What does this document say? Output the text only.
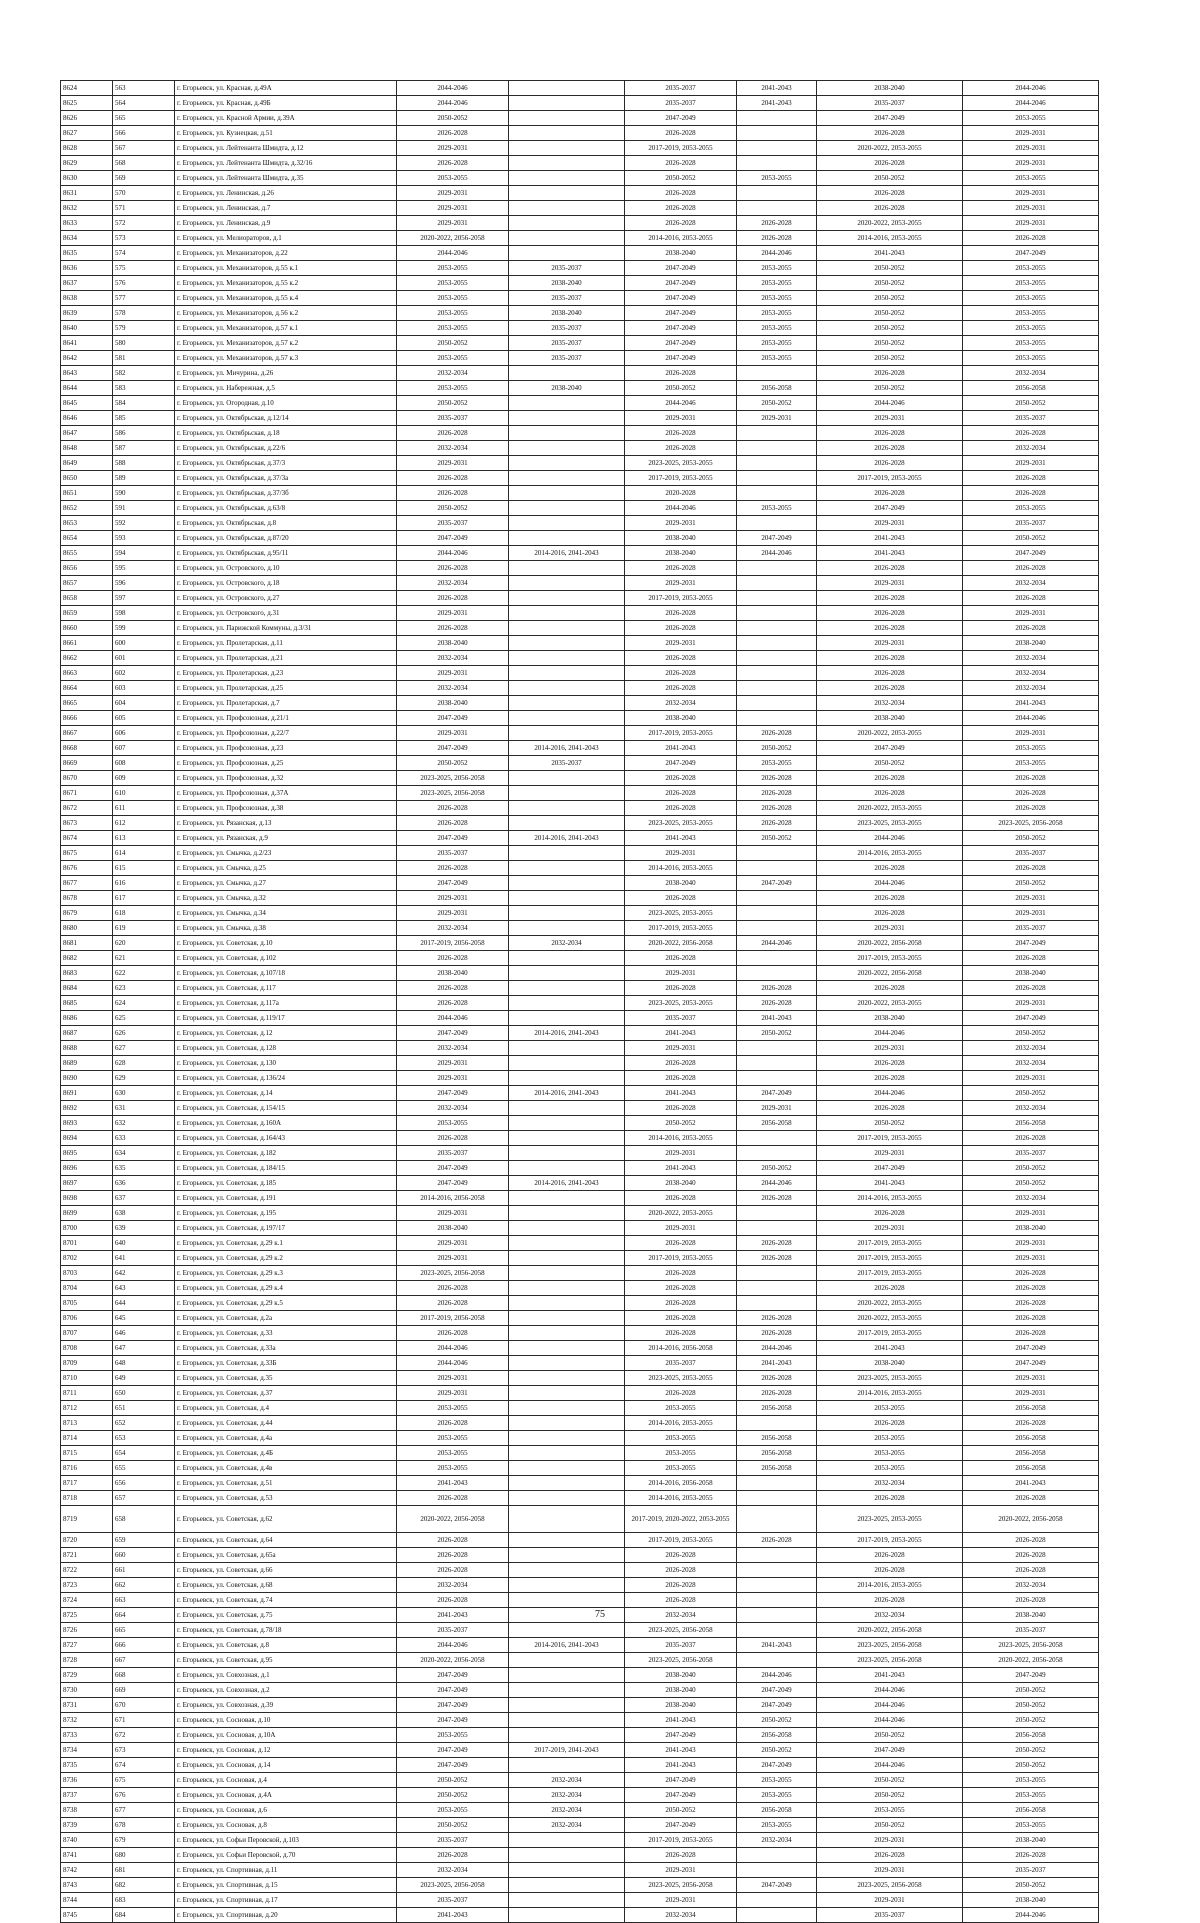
8624	563	г. Егорьевск, ул. Красная, д.49А	2044-2046		2035-2037	2041-2043	2038-2040	2044-2046
8625	564	г. Егорьевск, ул. Красная, д.49Б	2044-2046		2035-2037	2041-2043	2035-2037	2044-2046
8626	565	г. Егорьевск, ул. Красной Армии, д.39А	2050-2052		2047-2049		2047-2049	2053-2055
8627	566	г. Егорьевск, ул. Кузнецкая, д.51	2026-2028		2026-2028		2026-2028	2029-2031
8628	567	г. Егорьевск, ул. Лейтенанта Шмидта, д.12	2029-2031		2017-2019, 2053-2055		2020-2022, 2053-2055	2029-2031
8629	568	г. Егорьевск, ул. Лейтенанта Шмидта, д.32/16	2026-2028		2026-2028		2026-2028	2029-2031
8630	569	г. Егорьевск, ул. Лейтенанта Шмидта, д.35	2053-2055		2050-2052	2053-2055	2050-2052	2053-2055
8631	570	г. Егорьевск, ул. Ленинская, д.26	2029-2031		2026-2028		2026-2028	2029-2031
8632	571	г. Егорьевск, ул. Ленинская, д.7	2029-2031		2026-2028		2026-2028	2029-2031
8633	572	г. Егорьевск, ул. Ленинская, д.9	2029-2031		2026-2028	2026-2028	2020-2022, 2053-2055	2029-2031
8634	573	г. Егорьевск, ул. Мелиораторов, д.1	2020-2022, 2056-2058		2014-2016, 2053-2055	2026-2028	2014-2016, 2053-2055	2026-2028
8635	574	г. Егорьевск, ул. Механизаторов, д.22	2044-2046		2038-2040	2044-2046	2041-2043	2047-2049
8636	575	г. Егорьевск, ул. Механизаторов, д.55 к.1	2053-2055	2035-2037	2047-2049	2053-2055	2050-2052	2053-2055
8637	576	г. Егорьевск, ул. Механизаторов, д.55 к.2	2053-2055	2038-2040	2047-2049	2053-2055	2050-2052	2053-2055
8638	577	г. Егорьевск, ул. Механизаторов, д.55 к.4	2053-2055	2035-2037	2047-2049	2053-2055	2050-2052	2053-2055
8639	578	г. Егорьевск, ул. Механизаторов, д.56 к.2	2053-2055	2038-2040	2047-2049	2053-2055	2050-2052	2053-2055
8640	579	г. Егорьевск, ул. Механизаторов, д.57 к.1	2053-2055	2035-2037	2047-2049	2053-2055	2050-2052	2053-2055
8641	580	г. Егорьевск, ул. Механизаторов, д.57 к.2	2050-2052	2035-2037	2047-2049	2053-2055	2050-2052	2053-2055
8642	581	г. Егорьевск, ул. Механизаторов, д.57 к.3	2053-2055	2035-2037	2047-2049	2053-2055	2050-2052	2053-2055
8643	582	г. Егорьевск, ул. Мичурина, д.26	2032-2034		2026-2028		2026-2028	2032-2034
8644	583	г. Егорьевск, ул. Набережная, д.5	2053-2055	2038-2040	2050-2052	2056-2058	2050-2052	2056-2058
8645	584	г. Егорьевск, ул. Огородная, д.10	2050-2052		2044-2046	2050-2052	2044-2046	2050-2052
8646	585	г. Егорьевск, ул. Октябрьская, д.12/14	2035-2037		2029-2031	2029-2031	2029-2031	2035-2037
8647	586	г. Егорьевск, ул. Октябрьская, д.18	2026-2028		2026-2028		2026-2028	2026-2028
8648	587	г. Егорьевск, ул. Октябрьская, д.22/6	2032-2034		2026-2028		2026-2028	2032-2034
8649	588	г. Егорьевск, ул. Октябрьская, д.37/3	2029-2031		2023-2025, 2053-2055		2026-2028	2029-2031
8650	589	г. Егорьевск, ул. Октябрьская, д.37/3а	2026-2028		2017-2019, 2053-2055		2017-2019, 2053-2055	2026-2028
8651	590	г. Егорьевск, ул. Октябрьская, д.37/3б	2026-2028		2020-2028		2026-2028	2026-2028
8652	591	г. Егорьевск, ул. Октябрьская, д.63/8	2050-2052		2044-2046	2053-2055	2047-2049	2053-2055
8653	592	г. Егорьевск, ул. Октябрьская, д.8	2035-2037		2029-2031		2029-2031	2035-2037
8654	593	г. Егорьевск, ул. Октябрьская, д.87/20	2047-2049		2038-2040	2047-2049	2041-2043	2050-2052
8655	594	г. Егорьевск, ул. Октябрьская, д.95/11	2044-2046	2014-2016, 2041-2043	2038-2040	2044-2046	2041-2043	2047-2049
8656	595	г. Егорьевск, ул. Островского, д.10	2026-2028		2026-2028		2026-2028	2026-2028
8657	596	г. Егорьевск, ул. Островского, д.18	2032-2034		2029-2031		2029-2031	2032-2034
8658	597	г. Егорьевск, ул. Островского, д.27	2026-2028		2017-2019, 2053-2055		2026-2028	2026-2028
8659	598	г. Егорьевск, ул. Островского, д.31	2029-2031		2026-2028		2026-2028	2029-2031
8660	599	г. Егорьевск, ул. Парижской Коммуны, д.3/31	2026-2028		2026-2028		2026-2028	2026-2028
8661	600	г. Егорьевск, ул. Пролетарская, д.11	2038-2040		2029-2031		2029-2031	2038-2040
8662	601	г. Егорьевск, ул. Пролетарская, д.21	2032-2034		2026-2028		2026-2028	2032-2034
8663	602	г. Егорьевск, ул. Пролетарская, д.23	2029-2031		2026-2028		2026-2028	2032-2034
8664	603	г. Егорьевск, ул. Пролетарская, д.25	2032-2034		2026-2028		2026-2028	2032-2034
8665	604	г. Егорьевск, ул. Пролетарская, д.7	2038-2040		2032-2034		2032-2034	2041-2043
8666	605	г. Егорьевск, ул. Профсоюзная, д.21/1	2047-2049		2038-2040		2038-2040	2044-2046
8667	606	г. Егорьевск, ул. Профсоюзная, д.22/7	2029-2031		2017-2019, 2053-2055	2026-2028	2020-2022, 2053-2055	2029-2031
8668	607	г. Егорьевск, ул. Профсоюзная, д.23	2047-2049	2014-2016, 2041-2043	2041-2043	2050-2052	2047-2049	2053-2055
8669	608	г. Егорьевск, ул. Профсоюзная, д.25	2050-2052	2035-2037	2047-2049	2053-2055	2050-2052	2053-2055
8670	609	г. Егорьевск, ул. Профсоюзная, д.32	2023-2025, 2056-2058		2026-2028	2026-2028	2026-2028	2026-2028
8671	610	г. Егорьевск, ул. Профсоюзная, д.37А	2023-2025, 2056-2058		2026-2028	2026-2028	2026-2028	2026-2028
8672	611	г. Егорьевск, ул. Профсоюзная, д.38	2026-2028		2026-2028	2026-2028	2020-2022, 2053-2055	2026-2028
8673	612	г. Егорьевск, ул. Рязанская, д.13	2026-2028		2023-2025, 2053-2055	2026-2028	2023-2025, 2053-2055	2023-2025, 2056-2058
8674	613	г. Егорьевск, ул. Рязанская, д.9	2047-2049	2014-2016, 2041-2043	2041-2043	2050-2052	2044-2046	2050-2052
8675	614	г. Егорьевск, ул. Смычка, д.2/23	2035-2037		2029-2031		2014-2016, 2053-2055	2035-2037
8676	615	г. Егорьевск, ул. Смычка, д.25	2026-2028		2014-2016, 2053-2055		2026-2028	2026-2028
8677	616	г. Егорьевск, ул. Смычка, д.27	2047-2049		2038-2040	2047-2049	2044-2046	2050-2052
8678	617	г. Егорьевск, ул. Смычка, д.32	2029-2031		2026-2028		2026-2028	2029-2031
8679	618	г. Егорьевск, ул. Смычка, д.34	2029-2031		2023-2025, 2053-2055		2026-2028	2029-2031
8680	619	г. Егорьевск, ул. Смычка, д.38	2032-2034		2017-2019, 2053-2055		2029-2031	2035-2037
8681	620	г. Егорьевск, ул. Советская, д.10	2017-2019, 2056-2058	2032-2034	2020-2022, 2056-2058	2044-2046	2020-2022, 2056-2058	2047-2049
8682	621	г. Егорьевск, ул. Советская, д.102	2026-2028		2026-2028		2017-2019, 2053-2055	2026-2028
8683	622	г. Егорьевск, ул. Советская, д.107/18	2038-2040		2029-2031		2020-2022, 2056-2058	2038-2040
8684	623	г. Егорьевск, ул. Советская, д.117	2026-2028		2026-2028	2026-2028	2026-2028	2026-2028
8685	624	г. Егорьевск, ул. Советская, д.117а	2026-2028		2023-2025, 2053-2055	2026-2028	2020-2022, 2053-2055	2029-2031
8686	625	г. Егорьевск, ул. Советская, д.119/17	2044-2046		2035-2037	2041-2043	2038-2040	2047-2049
8687	626	г. Егорьевск, ул. Советская, д.12	2047-2049	2014-2016, 2041-2043	2041-2043	2050-2052	2044-2046	2050-2052
8688	627	г. Егорьевск, ул. Советская, д.128	2032-2034		2029-2031		2029-2031	2032-2034
8689	628	г. Егорьевск, ул. Советская, д.130	2029-2031		2026-2028		2026-2028	2032-2034
8690	629	г. Егорьевск, ул. Советская, д.136/24	2029-2031		2026-2028		2026-2028	2029-2031
8691	630	г. Егорьевск, ул. Советская, д.14	2047-2049	2014-2016, 2041-2043	2041-2043	2047-2049	2044-2046	2050-2052
8692	631	г. Егорьевск, ул. Советская, д.154/15	2032-2034		2026-2028	2029-2031	2026-2028	2032-2034
8693	632	г. Егорьевск, ул. Советская, д.160А	2053-2055		2050-2052	2056-2058	2050-2052	2056-2058
8694	633	г. Егорьевск, ул. Советская, д.164/43	2026-2028		2014-2016, 2053-2055		2017-2019, 2053-2055	2026-2028
8695	634	г. Егорьевск, ул. Советская, д.182	2035-2037		2029-2031		2029-2031	2035-2037
8696	635	г. Егорьевск, ул. Советская, д.184/15	2047-2049		2041-2043	2050-2052	2047-2049	2050-2052
8697	636	г. Егорьевск, ул. Советская, д.185	2047-2049	2014-2016, 2041-2043	2038-2040	2044-2046	2041-2043	2050-2052
8698	637	г. Егорьевск, ул. Советская, д.191	2014-2016, 2056-2058		2026-2028	2026-2028	2014-2016, 2053-2055	2032-2034
8699	638	г. Егорьевск, ул. Советская, д.195	2029-2031		2020-2022, 2053-2055		2026-2028	2029-2031
8700	639	г. Егорьевск, ул. Советская, д.197/17	2038-2040		2029-2031		2029-2031	2038-2040
8701	640	г. Егорьевск, ул. Советская, д.29 к.1	2029-2031		2026-2028	2026-2028	2017-2019, 2053-2055	2029-2031
8702	641	г. Егорьевск, ул. Советская, д.29 к.2	2029-2031		2017-2019, 2053-2055	2026-2028	2017-2019, 2053-2055	2029-2031
8703	642	г. Егорьевск, ул. Советская, д.29 к.3	2023-2025, 2056-2058		2026-2028		2017-2019, 2053-2055	2026-2028
8704	643	г. Егорьевск, ул. Советская, д.29 к.4	2026-2028		2026-2028		2026-2028	2026-2028
8705	644	г. Егорьевск, ул. Советская, д.29 к.5	2026-2028		2026-2028		2020-2022, 2053-2055	2026-2028
8706	645	г. Егорьевск, ул. Советская, д.2а	2017-2019, 2056-2058		2026-2028	2026-2028	2020-2022, 2053-2055	2026-2028
8707	646	г. Егорьевск, ул. Советская, д.33	2026-2028		2026-2028	2026-2028	2017-2019, 2053-2055	2026-2028
8708	647	г. Егорьевск, ул. Советская, д.33а	2044-2046		2014-2016, 2056-2058	2044-2046	2041-2043	2047-2049
8709	648	г. Егорьевск, ул. Советская, д.33Б	2044-2046		2035-2037	2041-2043	2038-2040	2047-2049
8710	649	г. Егорьевск, ул. Советская, д.35	2029-2031		2023-2025, 2053-2055	2026-2028	2023-2025, 2053-2055	2029-2031
8711	650	г. Егорьевск, ул. Советская, д.37	2029-2031		2026-2028	2026-2028	2014-2016, 2053-2055	2029-2031
8712	651	г. Егорьевск, ул. Советская, д.4	2053-2055		2053-2055	2056-2058	2053-2055	2056-2058
8713	652	г. Егорьевск, ул. Советская, д.44	2026-2028		2014-2016, 2053-2055		2026-2028	2026-2028
8714	653	г. Егорьевск, ул. Советская, д.4а	2053-2055		2053-2055	2056-2058	2053-2055	2056-2058
8715	654	г. Егорьевск, ул. Советская, д.4Б	2053-2055		2053-2055	2056-2058	2053-2055	2056-2058
8716	655	г. Егорьевск, ул. Советская, д.4в	2053-2055		2053-2055	2056-2058	2053-2055	2056-2058
8717	656	г. Егорьевск, ул. Советская, д.51	2041-2043		2014-2016, 2056-2058		2032-2034	2041-2043
8718	657	г. Егорьевск, ул. Советская, д.53	2026-2028		2014-2016, 2053-2055		2026-2028	2026-2028
8719	658	г. Егорьевск, ул. Советская, д.62	2020-2022, 2056-2058		2017-2019, 2020-2022, 2053-2055		2023-2025, 2053-2055	2020-2022, 2056-2058
8720	659	г. Егорьевск, ул. Советская, д.64	2026-2028		2017-2019, 2053-2055	2026-2028	2017-2019, 2053-2055	2026-2028
8721	660	г. Егорьевск, ул. Советская, д.65а	2026-2028		2026-2028		2026-2028	2026-2028
8722	661	г. Егорьевск, ул. Советская, д.66	2026-2028		2026-2028		2026-2028	2026-2028
8723	662	г. Егорьевск, ул. Советская, д.68	2032-2034		2026-2028		2014-2016, 2053-2055	2032-2034
8724	663	г. Егорьевск, ул. Советская, д.74	2026-2028		2026-2028		2026-2028	2026-2028
8725	664	г. Егорьевск, ул. Советская, д.75	2041-2043		2032-2034		2032-2034	2038-2040
8726	665	г. Егорьевск, ул. Советская, д.78/18	2035-2037		2023-2025, 2056-2058		2020-2022, 2056-2058	2035-2037
8727	666	г. Егорьевск, ул. Советская, д.8	2044-2046	2014-2016, 2041-2043	2035-2037	2041-2043	2023-2025, 2056-2058	2023-2025, 2056-2058
8728	667	г. Егорьевск, ул. Советская, д.95	2020-2022, 2056-2058		2023-2025, 2056-2058		2023-2025, 2056-2058	2020-2022, 2056-2058
8729	668	г. Егорьевск, ул. Совхозная, д.1	2047-2049		2038-2040	2044-2046	2041-2043	2047-2049
8730	669	г. Егорьевск, ул. Совхозная, д.2	2047-2049		2038-2040	2047-2049	2044-2046	2050-2052
8731	670	г. Егорьевск, ул. Совхозная, д.39	2047-2049		2038-2040	2047-2049	2044-2046	2050-2052
8732	671	г. Егорьевск, ул. Сосновая, д.10	2047-2049		2041-2043	2050-2052	2044-2046	2050-2052
8733	672	г. Егорьевск, ул. Сосновая, д.10А	2053-2055		2047-2049	2056-2058	2050-2052	2056-2058
8734	673	г. Егорьевск, ул. Сосновая, д.12	2047-2049	2017-2019, 2041-2043	2041-2043	2050-2052	2047-2049	2050-2052
8735	674	г. Егорьевск, ул. Сосновая, д.14	2047-2049		2041-2043	2047-2049	2044-2046	2050-2052
8736	675	г. Егорьевск, ул. Сосновая, д.4	2050-2052	2032-2034	2047-2049	2053-2055	2050-2052	2053-2055
8737	676	г. Егорьевск, ул. Сосновая, д.4А	2050-2052	2032-2034	2047-2049	2053-2055	2050-2052	2053-2055
8738	677	г. Егорьевск, ул. Сосновая, д.6	2053-2055	2032-2034	2050-2052	2056-2058	2053-2055	2056-2058
8739	678	г. Егорьевск, ул. Сосновая, д.8	2050-2052	2032-2034	2047-2049	2053-2055	2050-2052	2053-2055
8740	679	г. Егорьевск, ул. Софьи Перовской, д.103	2035-2037		2017-2019, 2053-2055	2032-2034	2029-2031	2038-2040
8741	680	г. Егорьевск, ул. Софьи Перовской, д.70	2026-2028		2026-2028		2026-2028	2026-2028
8742	681	г. Егорьевск, ул. Спортивная, д.11	2032-2034		2029-2031		2029-2031	2035-2037
8743	682	г. Егорьевск, ул. Спортивная, д.15	2023-2025, 2056-2058		2023-2025, 2056-2058	2047-2049	2023-2025, 2056-2058	2050-2052
8744	683	г. Егорьевск, ул. Спортивная, д.17	2035-2037		2029-2031		2029-2031	2038-2040
8745	684	г. Егорьевск, ул. Спортивная, д.20	2041-2043		2032-2034		2035-2037	2044-2046
75
